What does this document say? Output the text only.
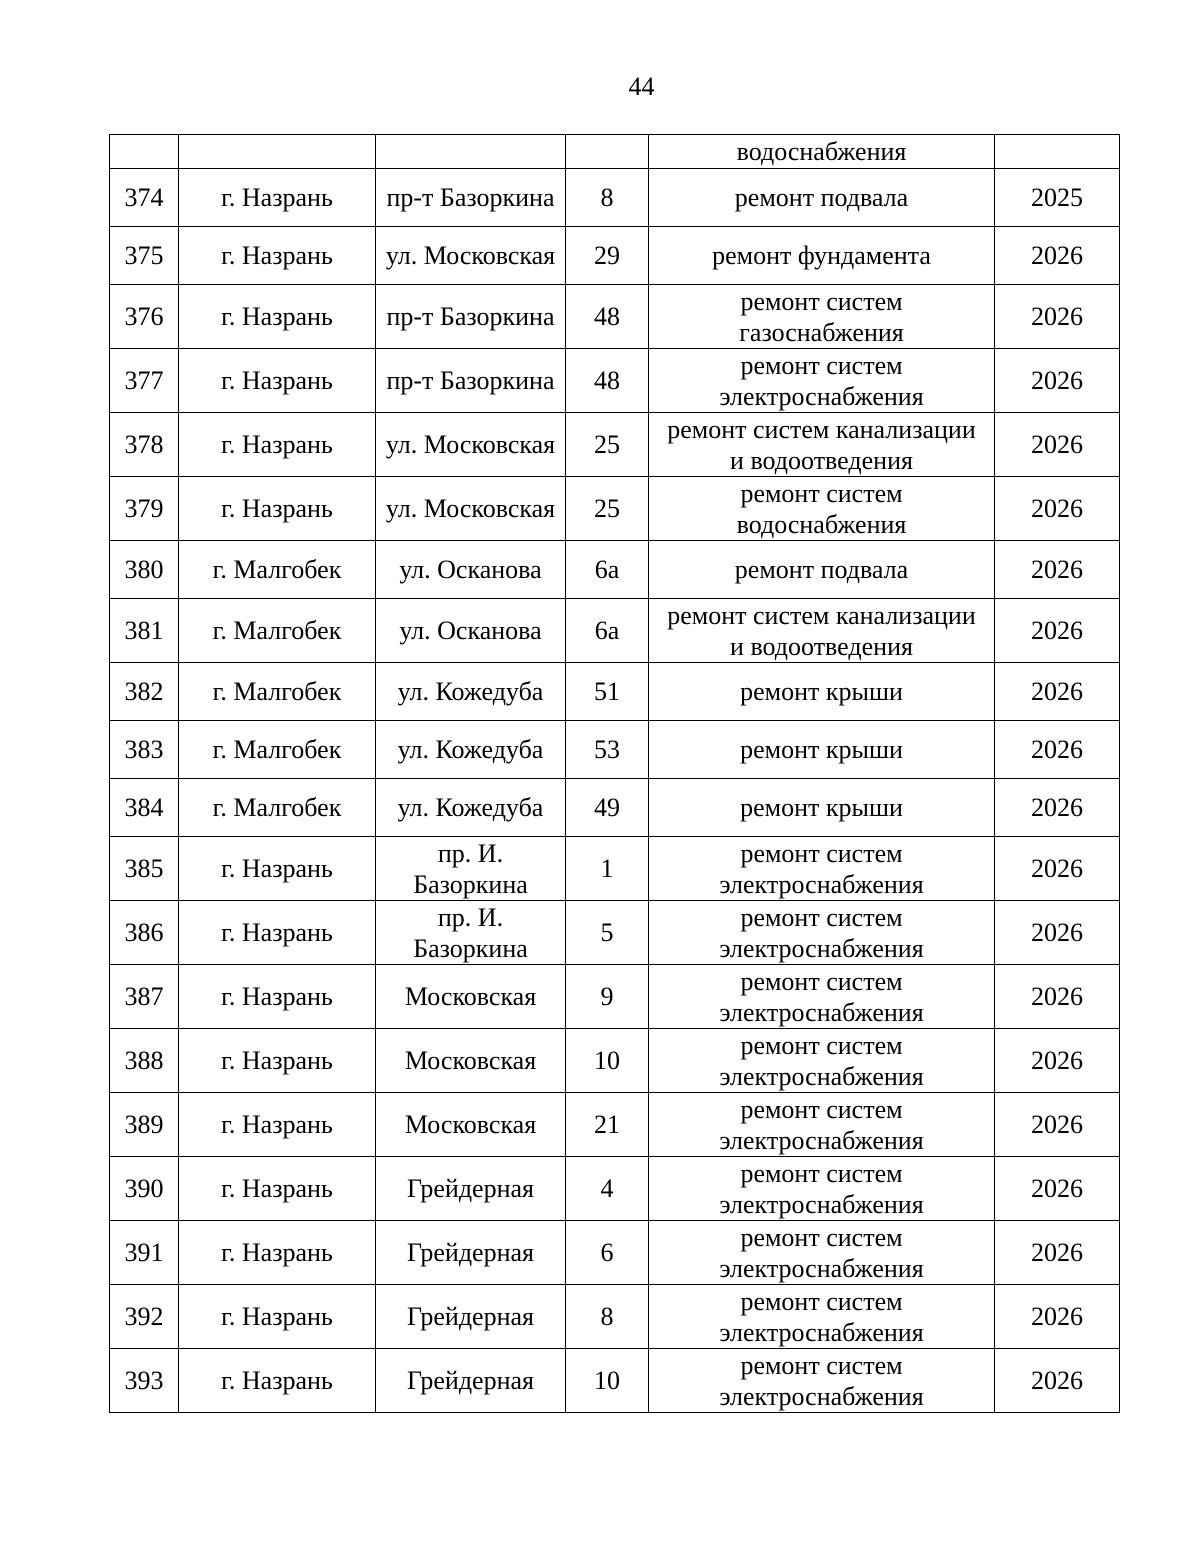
44
				водоснабжения	
374	г. Назрань	пр-т Базоркина	8	ремонт подвала	2025
375	г. Назрань	ул. Московская	29	ремонт фундамента	2026
376	г. Назрань	пр-т Базоркина	48	ремонт систем
газоснабжения	2026
377	г. Назрань	пр-т Базоркина	48	ремонт систем
электроснабжения	2026
378	г. Назрань	ул. Московская	25	ремонт систем канализации
и водоотведения	2026
379	г. Назрань	ул. Московская	25	ремонт систем
водоснабжения	2026
380	г. Малгобек	ул. Осканова	6а	ремонт подвала	2026
381	г. Малгобек	ул. Осканова	6а	ремонт систем канализации
и водоотведения	2026
382	г. Малгобек	ул. Кожедуба	51	ремонт крыши	2026
383	г. Малгобек	ул. Кожедуба	53	ремонт крыши	2026
384	г. Малгобек	ул. Кожедуба	49	ремонт крыши	2026
385	г. Назрань	пр. И.
Базоркина	1	ремонт систем
электроснабжения	2026
386	г. Назрань	пр. И.
Базоркина	5	ремонт систем
электроснабжения	2026
387	г. Назрань	Московская	9	ремонт систем
электроснабжения	2026
388	г. Назрань	Московская	10	ремонт систем
электроснабжения	2026
389	г. Назрань	Московская	21	ремонт систем
электроснабжения	2026
390	г. Назрань	Грейдерная	4	ремонт систем
электроснабжения	2026
391	г. Назрань	Грейдерная	6	ремонт систем
электроснабжения	2026
392	г. Назрань	Грейдерная	8	ремонт систем
электроснабжения	2026
393	г. Назрань	Грейдерная	10	ремонт систем
электроснабжения	2026
